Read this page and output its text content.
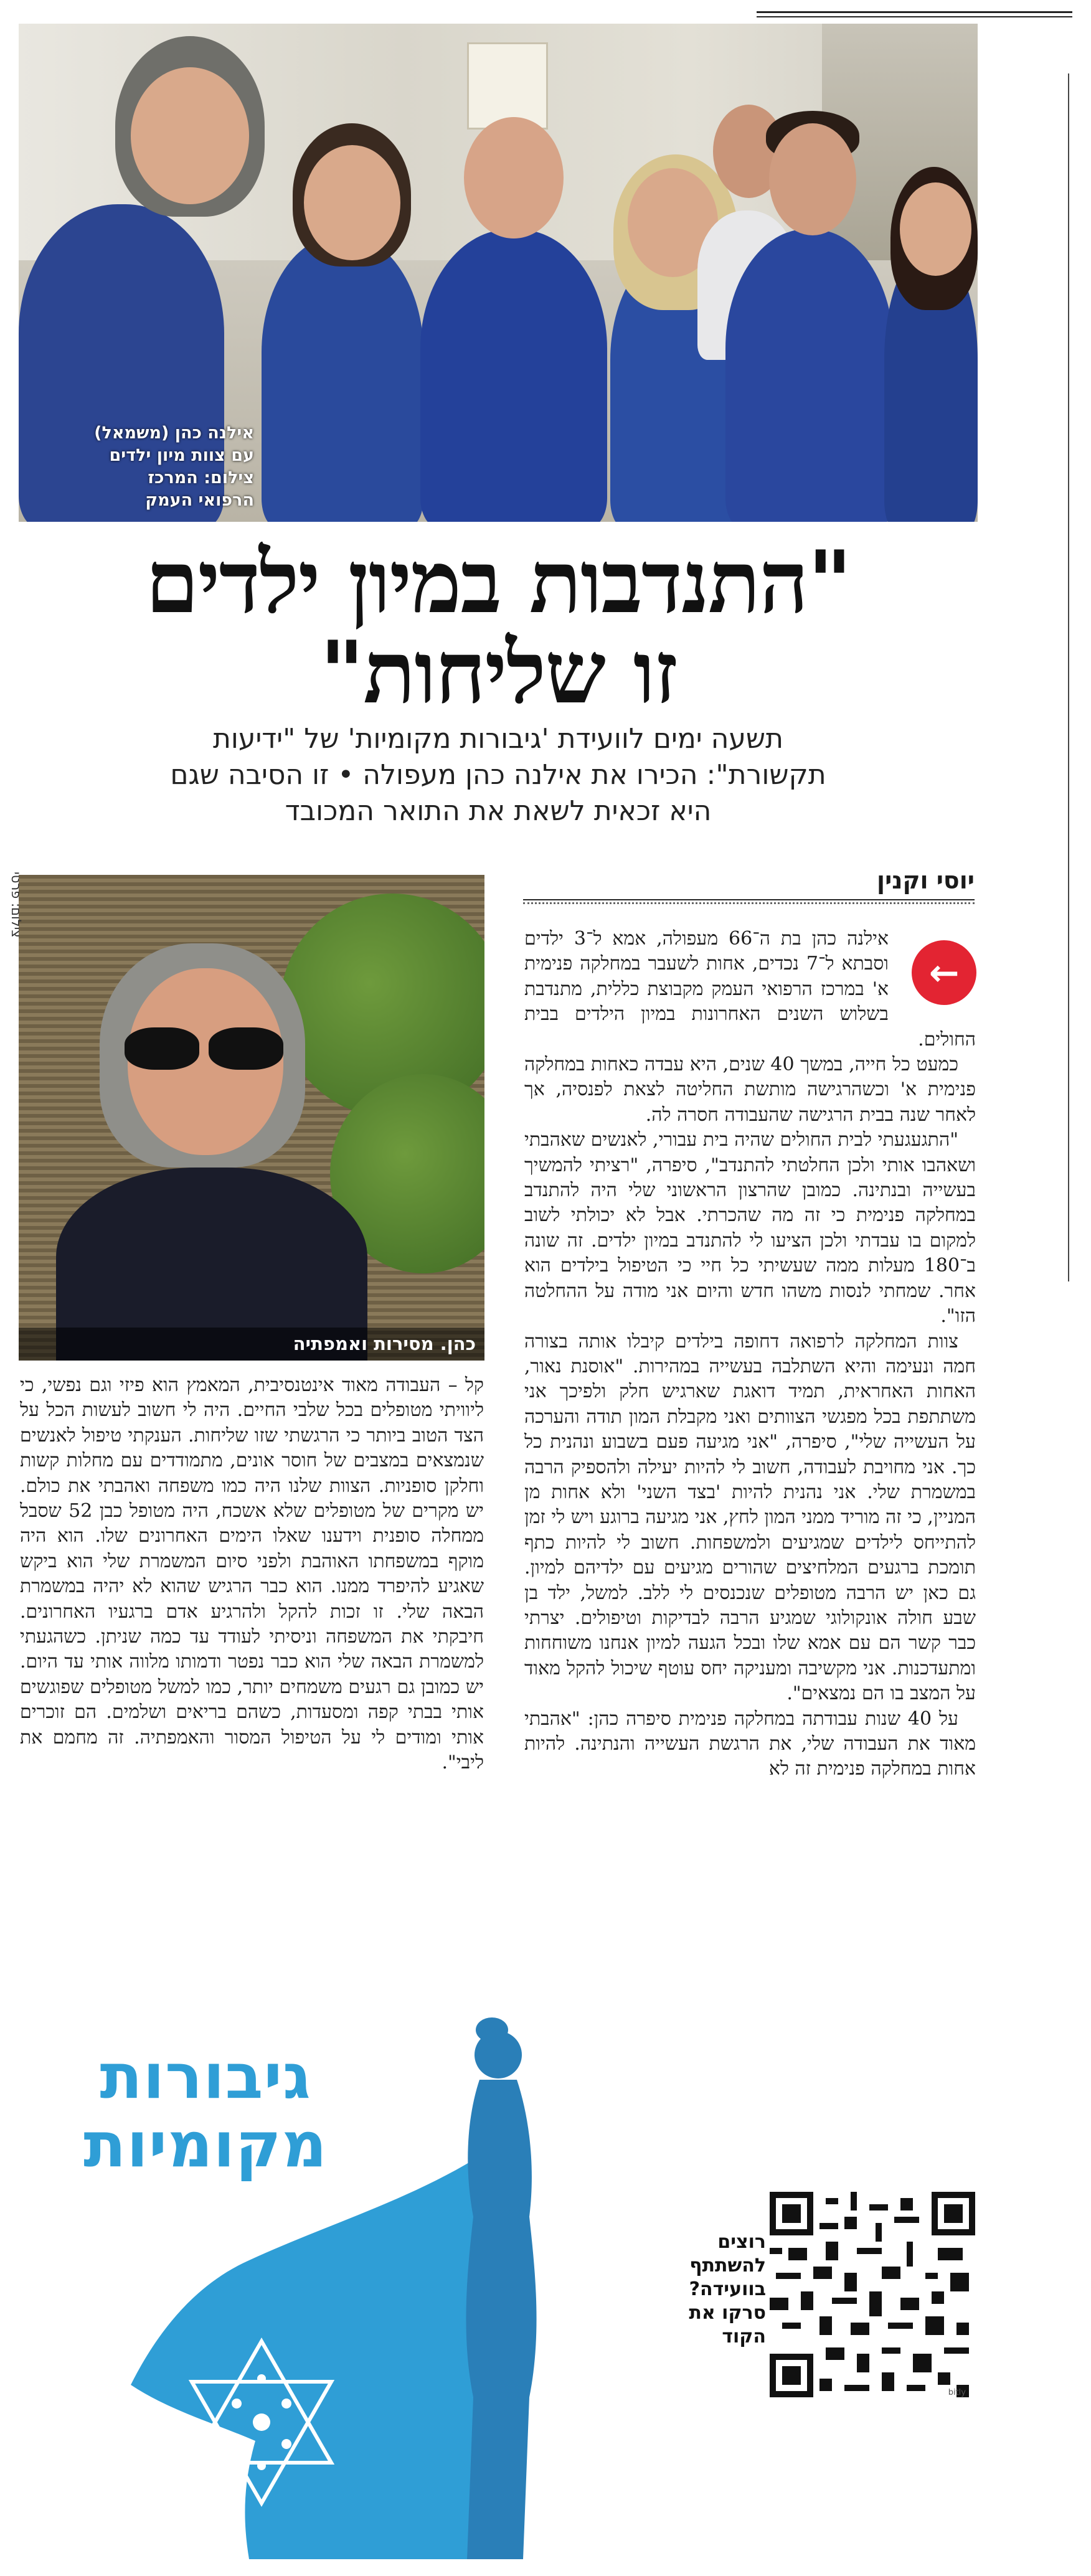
אילנה כהן (משמאל)
עם צוות מיון ילדים
צילום: המרכז
הרפואי העמק
"התנדבות במיון ילדים
זו שליחות"
תשעה ימים לוועידת 'גיבורות מקומיות' של "ידיעות
תקשורת": הכירו את אילנה כהן מעפולה • זו הסיבה שגם
היא זכאית לשאת את התואר המכובד
יוסי וקנין
←

אילנה כהן בת ה־66 מעפולה, אמא ל־3 ילדים וסבתא ל־7 נכדים, אחות לשעבר במחלקה פנימית א' במרכז הרפואי העמק מקבוצת כללית, מתנדבת בשלוש השנים האחרונות במיון הילדים בבית החולים.

כמעט כל חייה, במשך 40 שנים, היא עבדה כאחות במחלקה פנימית א' וכשהרגישה מותשת החליטה לצאת לפנסיה, אך לאחר שנה בבית הרגישה שהעבודה חסרה לה.

"התגעגעתי לבית החולים שהיה בית עבורי, לאנשים שאהבתי ושאהבו אותי ולכן החלטתי להתנדב", סיפרה, "רציתי להמשיך בעשייה ובנתינה. כמובן שהרצון הראשוני שלי היה להתנדב במחלקה פנימית כי זה מה שהכרתי. אבל לא יכולתי לשוב למקום בו עבדתי ולכן הציעו לי להתנדב במיון ילדים. זה שונה ב־180 מעלות ממה שעשיתי כל חיי כי הטיפול בילדים הוא אחר. שמחתי לנסות משהו חדש והיום אני מודה על ההחלטה הזו".

צוות המחלקה לרפואה דחופה בילדים קיבלו אותה בצורה חמה ונעימה והיא השתלבה בעשייה במהירות. "אוסנת נאור, האחות האחראית, תמיד דואגת שארגיש חלק ולפיכך אני משתתפת בכל מפגשי הצוותים ואני מקבלת המון תודה והערכה על העשייה שלי", סיפרה, "אני מגיעה פעם בשבוע ונהנית כל כך. אני מחויבת לעבודה, חשוב לי להיות יעילה ולהספיק הרבה במשמרת שלי. אני נהנית להיות 'בצד השני' ולא אחות מן המניין, כי זה מוריד ממני המון לחץ, אני מגיעה ברוגע ויש לי זמן להתייחס לילדים שמגיעים ולמשפחות. חשוב לי להיות כתף תומכת ברגעים המלחיצים שהורים מגיעים עם ילדיהם למיון. גם כאן יש הרבה מטופלים שנכנסים לי ללב. למשל, ילד בן שבע חולה אונקולוגי שמגיע הרבה לבדיקות וטיפולים. יצרתי כבר קשר הם עם אמא שלו ובכל הגעה למיון אנחנו משוחחות ומתעדכנות. אני מקשיבה ומעניקה יחס עוטף שיכול להקל מאוד על המצב בו הם נמצאים".

על 40 שנות עבודתה במחלקה פנימית סיפרה כהן: "אהבתי מאוד את העבודה שלי, את הרגשת העשייה והנתינה. להיות אחות במחלקה פנימית זה לא

כהן. מסירות ואמפתיה
צילום: פרטי

קל – העבודה מאוד אינטנסיבית, המאמץ הוא פיזי וגם נפשי, כי ליוויתי מטופלים בכל שלבי החיים. היה לי חשוב לעשות הכל על הצד הטוב ביותר כי הרגשתי שזו שליחות. הענקתי טיפול לאנשים שנמצאים במצבים של חוסר אונים, מתמודדים עם מחלות קשות וחלקן סופניות. הצוות שלנו היה כמו משפחה ואהבתי את כולם. יש מקרים של מטופלים שלא אשכח, היה מטופל כבן 52 שסבל ממחלה סופנית וידענו שאלו הימים האחרונים שלו. הוא היה מוקף במשפחתו האוהבת ולפני סיום המשמרת שלי הוא ביקש שאגיע להיפרד ממנו. הוא כבר הרגיש שהוא לא יהיה במשמרת הבאה שלי. זו זכות להקל ולהרגיע אדם ברגעיו האחרונים. חיבקתי את המשפחה וניסיתי לעודד עד כמה שניתן. כשהגעתי למשמרת הבאה שלי הוא כבר נפטר ודמותו מלווה אותי עד היום. יש כמובן גם רגעים משמחים יותר, כמו למשל מטופלים שפוגשים אותי בבתי קפה ומסעדות, כשהם בריאים ושלמים. הם זוכרים אותי ומודים לי על הטיפול המסור והאמפתיה. זה מחמם את ליבי".

גיבורות
מקומיות
bitly
רוצים
להשתתף
בוועידה?
סרקו את
הקוד
